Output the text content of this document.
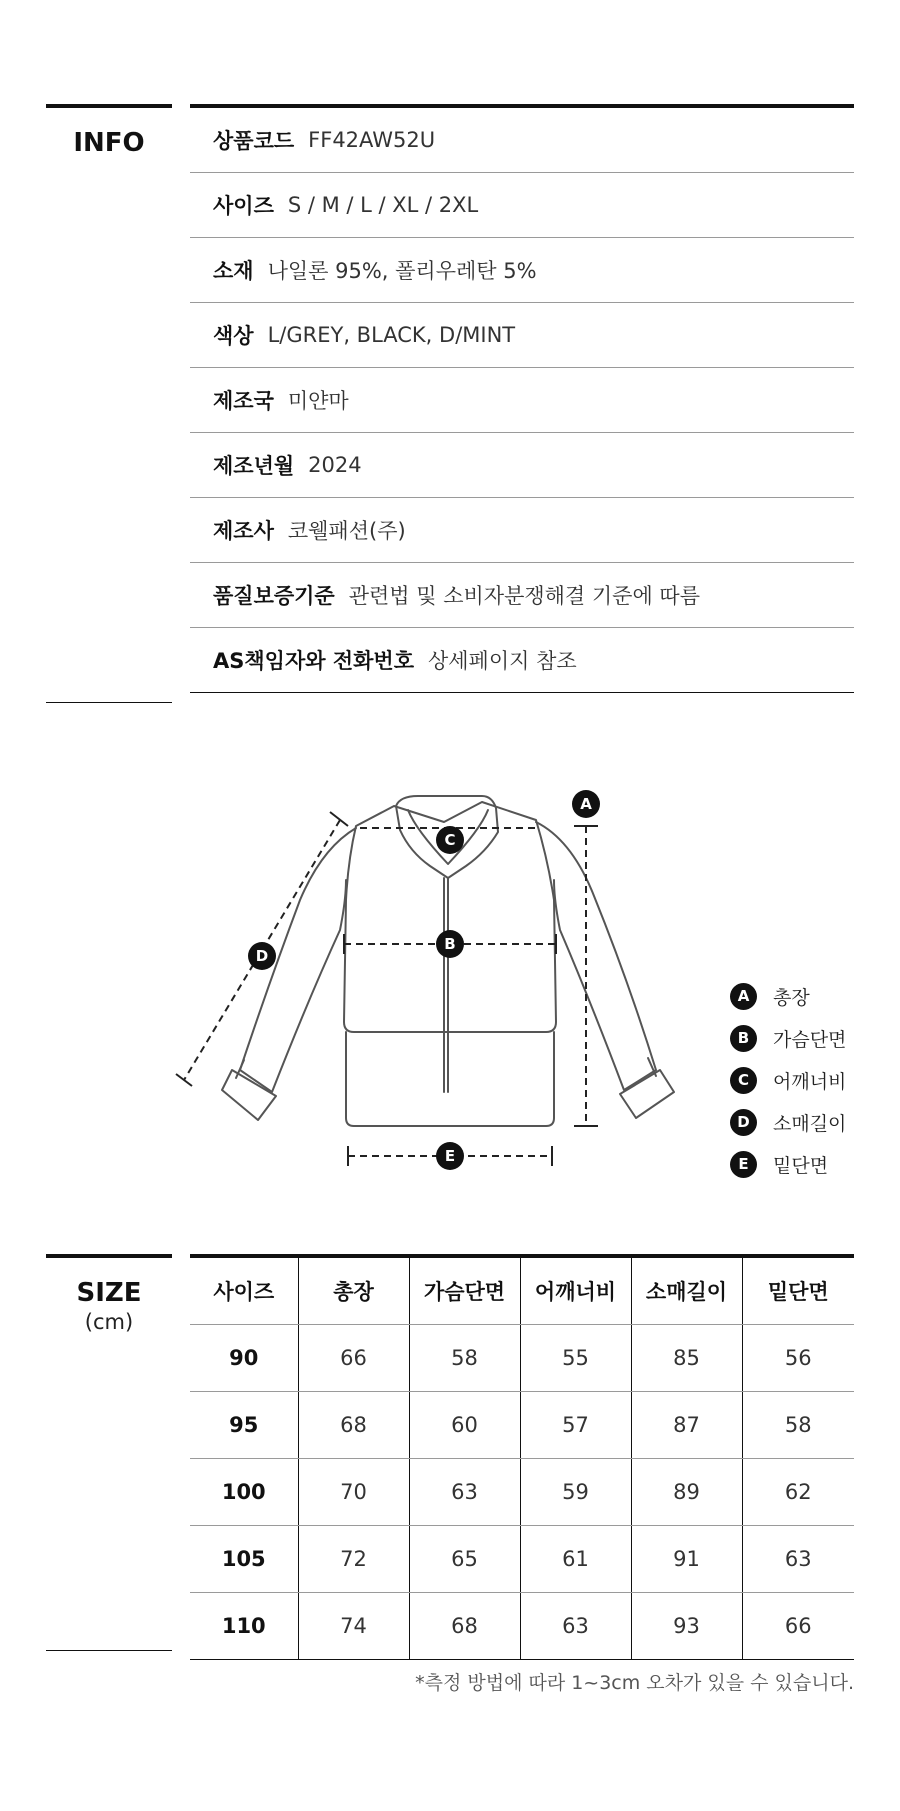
INFO	상품코드 FF42AW52U
사이즈 S / M / L / XL / 2XL
소재 나일론 95%, 폴리우레탄 5%
색상 L/GREY, BLACK, D/MINT
제조국 미얀마
제조년월 2024
제조사 코웰패션(주)
품질보증기준 관련법 및 소비자분쟁해결 기준에 따름
AS책임자와 전화번호 상세페이지 참조
A
B
C
D
E
A	총장
B	가슴단면
C	어깨너비
D	소매길이
E	밑단면
SIZE
(cm)
사이즈	총장	가슴단면	어깨너비	소매길이	밑단면
90	66	58	55	85	56
95	68	60	57	87	58
100	70	63	59	89	62
105	72	65	61	91	63
110	74	68	63	93	66
*측정 방법에 따라 1~3cm 오차가 있을 수 있습니다.
